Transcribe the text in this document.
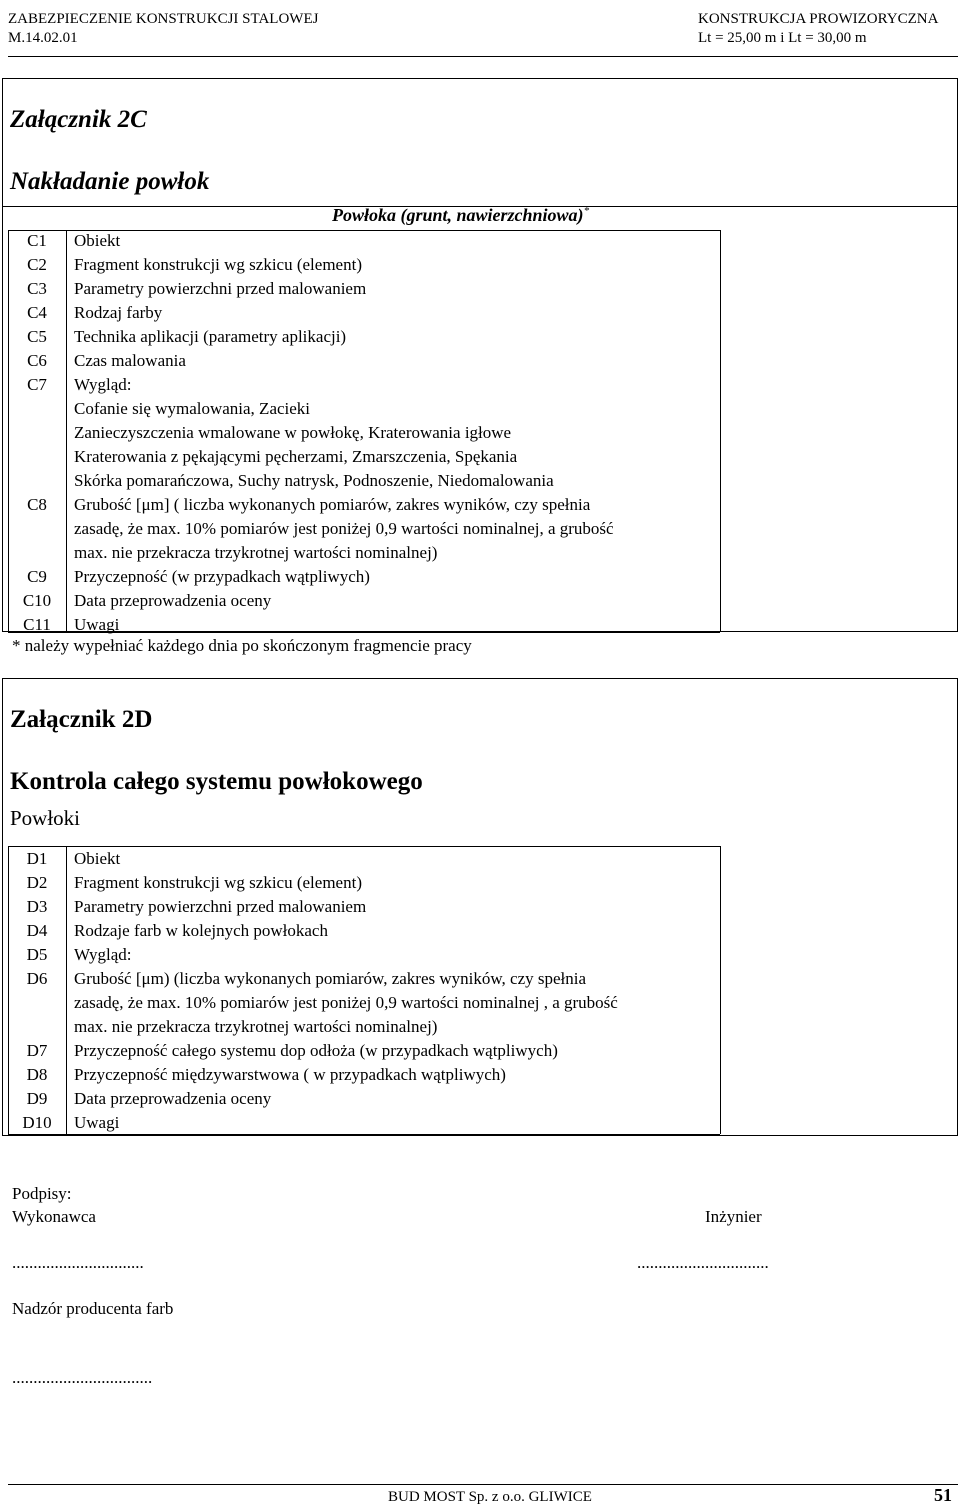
ZABEZPIECZENIE KONSTRUKCJI STALOWEJ
M.14.02.01
KONSTRUKCJA PROWIZORYCZNA
Lt = 25,00 m i Lt = 30,00 m
Załącznik 2C
Nakładanie powłok
Powłoka (grunt, nawierzchniowa)*
C1	Obiekt
C2	Fragment konstrukcji wg szkicu (element)
C3	Parametry powierzchni przed malowaniem
C4	Rodzaj farby
C5	Technika aplikacji (parametry aplikacji)
C6	Czas malowania
C7	Wygląd:
Cofanie się wymalowania, Zacieki
Zanieczyszczenia wmalowane w powłokę, Kraterowania igłowe
Kraterowania z pękającymi pęcherzami, Zmarszczenia, Spękania
Skórka pomarańczowa, Suchy natrysk, Podnoszenie, Niedomalowania
C8	Grubość [μm] ( liczba wykonanych pomiarów, zakres wyników, czy spełnia
zasadę, że max. 10% pomiarów jest poniżej 0,9 wartości nominalnej, a grubość
max. nie przekracza trzykrotnej wartości nominalnej)
C9	Przyczepność (w przypadkach wątpliwych)
C10	Data przeprowadzenia oceny
C11	Uwagi
* należy wypełniać każdego dnia po skończonym fragmencie pracy
Załącznik 2D
Kontrola całego systemu powłokowego
Powłoki
D1	Obiekt
D2	Fragment konstrukcji wg szkicu (element)
D3	Parametry powierzchni przed malowaniem
D4	Rodzaje farb w kolejnych powłokach
D5	Wygląd:
D6	Grubość [μm) (liczba wykonanych pomiarów, zakres wyników, czy spełnia
zasadę, że max. 10% pomiarów jest poniżej 0,9 wartości nominalnej , a grubość
max. nie przekracza trzykrotnej wartości nominalnej)
D7	Przyczepność całego systemu dop odłoża (w przypadkach wątpliwych)
D8	Przyczepność międzywarstwowa ( w przypadkach wątpliwych)
D9	Data przeprowadzenia oceny
D10	Uwagi
Podpisy:
Wykonawca	Inżynier
...............................	...............................
Nadzór producenta farb
.................................
BUD MOST Sp. z o.o. GLIWICE	51
